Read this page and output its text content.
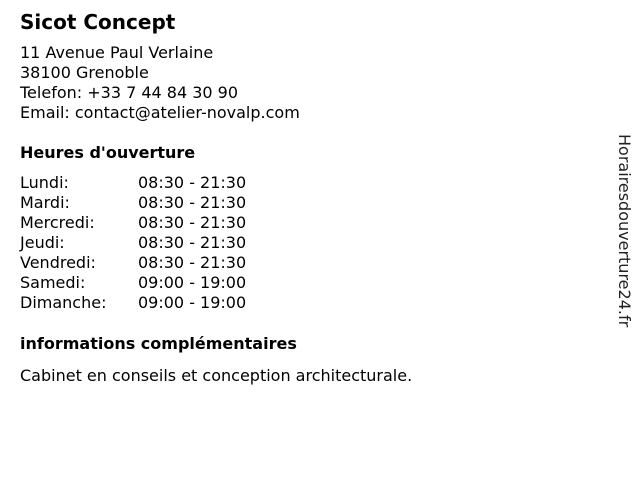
Sicot Concept
11 Avenue Paul Verlaine
38100 Grenoble
Telefon: +33 7 44 84 30 90
Email: contact@atelier-novalp.com
Heures d'ouverture
Lundi:	08:30 - 21:30
Mardi:	08:30 - 21:30
Mercredi:	08:30 - 21:30
Jeudi:	08:30 - 21:30
Vendredi:	08:30 - 21:30
Samedi:	09:00 - 19:00
Dimanche:	09:00 - 19:00
informations complémentaires
Cabinet en conseils et conception architecturale.
Horairesdouverture24.fr
